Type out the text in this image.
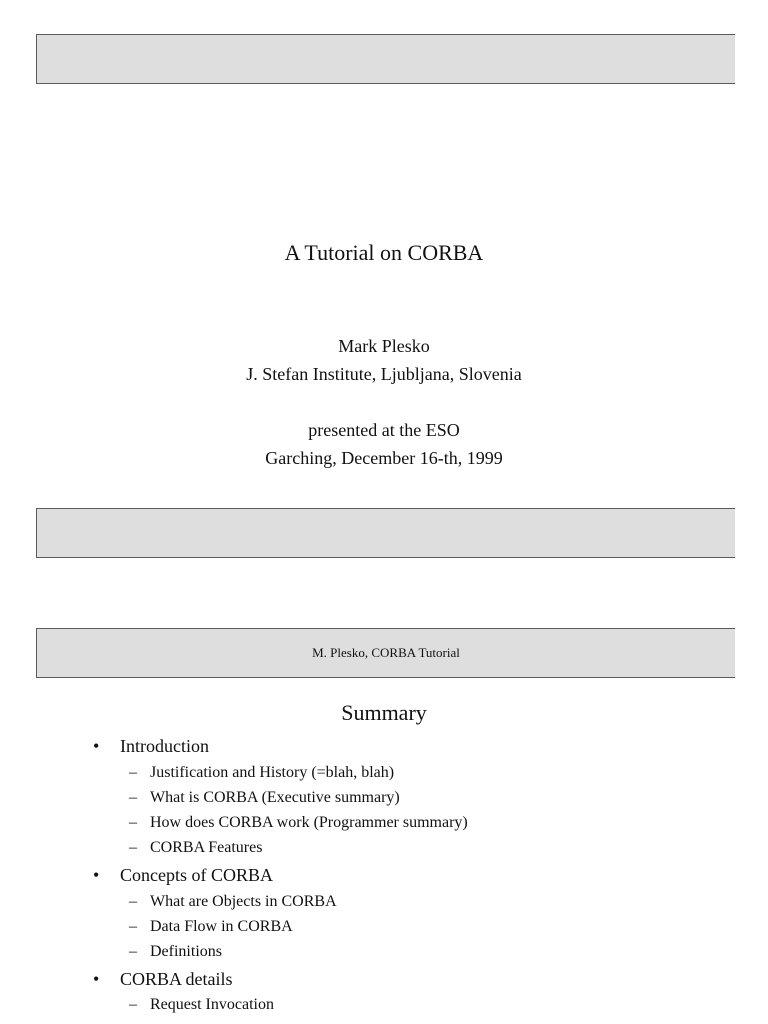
A Tutorial on CORBA
Mark Plesko
J. Stefan Institute, Ljubljana, Slovenia
presented at the ESO
Garching, December 16-th, 1999
M. Plesko, CORBA Tutorial
Summary
• Introduction
– Justification and History (=blah, blah)
– What is CORBA (Executive summary)
– How does CORBA work (Programmer summary)
– CORBA Features
• Concepts of CORBA
– What are Objects in CORBA
– Data Flow in CORBA
– Definitions
• CORBA details
– Request Invocation
